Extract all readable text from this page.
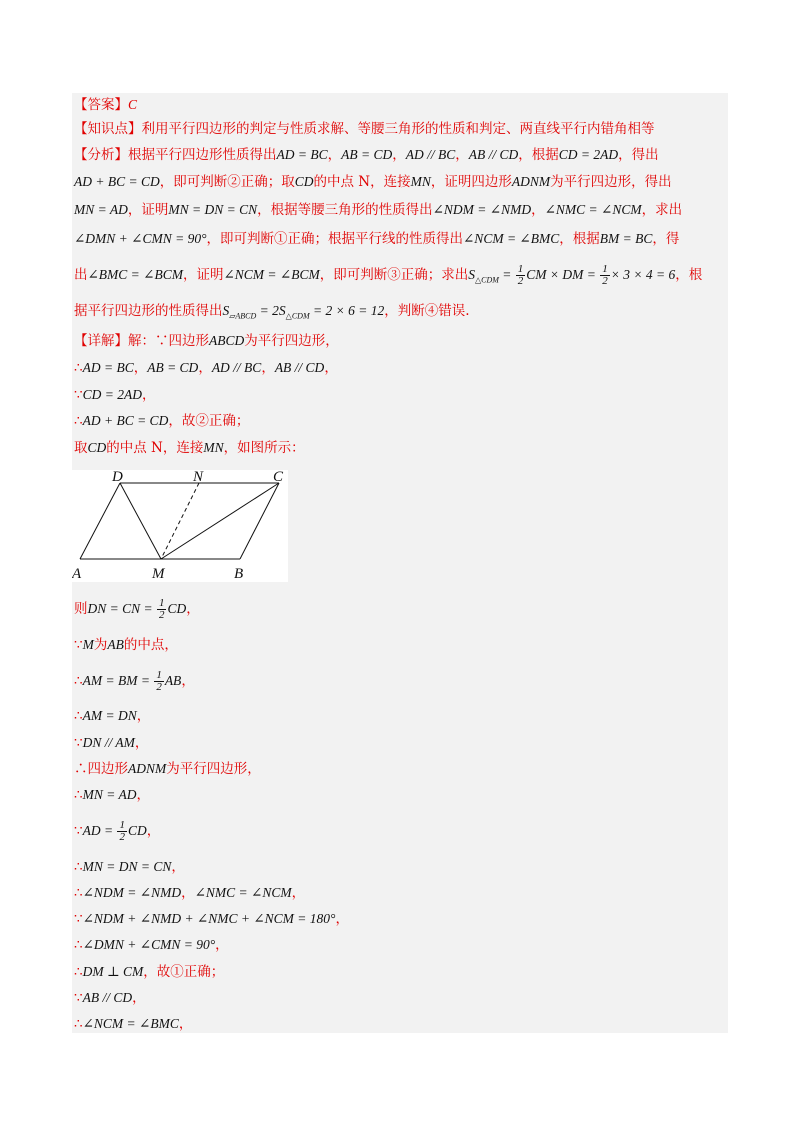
【答案】C
【知识点】利用平行四边形的判定与性质求解、等腰三角形的性质和判定、两直线平行内错角相等
【分析】根据平行四边形性质得出AD = BC，AB = CD，AD // BC，AB // CD，根据CD = 2AD，得出
AD + BC = CD，即可判断②正确；取CD的中点 N，连接MN，证明四边形ADNM为平行四边形，得出
MN = AD，证明MN = DN = CN，根据等腰三角形的性质得出∠NDM = ∠NMD，∠NMC = ∠NCM，求出
∠DMN + ∠CMN = 90°，即可判断①正确；根据平行线的性质得出∠NCM = ∠BMC，根据BM = BC，得
出∠BMC = ∠BCM，证明∠NCM = ∠BCM，即可判断③正确；求出$S_{\triangle CDM} = \frac{1}{2}$ CM × DM = $\frac{1}{2} \times 3 \times 4 = 6$，根
据平行四边形的性质得出$S_{▱ABCD} = 2S_{\triangle CDM} = 2 \times 6 = 12$，判断④错误.
【详解】解：∵四边形ABCD为平行四边形，
∴AD = BC，AB = CD，AD // BC，AB // CD，
∵CD = 2AD，
∴AD + BC = CD，故②正确；
取CD的中点 N，连接MN，如图所示：
D	N	C
A	M	B
则DN = CN = $\frac{1}{2}$ CD，
∵M为AB的中点，
∴AM = BM = $\frac{1}{2}$ AB，
∴AM = DN，
∵DN // AM，
∴四边形ADNM为平行四边形，
∴MN = AD，
∵AD = $\frac{1}{2}$ CD，
∴MN = DN = CN，
∴∠NDM = ∠NMD，∠NMC = ∠NCM，
∵∠NDM + ∠NMD + ∠NMC + ∠NCM = 180°，
∴∠DMN + ∠CMN = 90°，
∴DM ⊥ CM，故①正确；
∵AB // CD，
∴∠NCM = ∠BMC，
